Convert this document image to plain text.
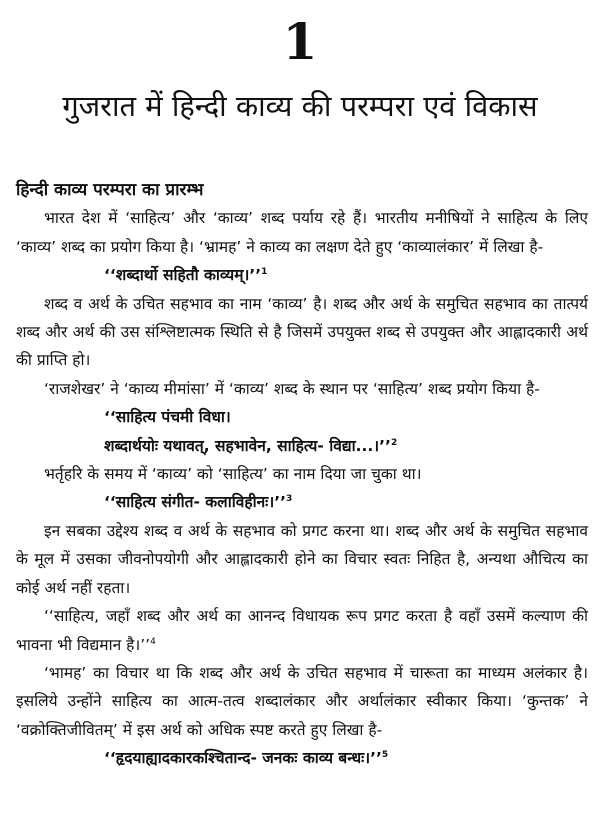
1
गुजरात में हिन्दी काव्य की परम्परा एवं विकास
हिन्दी काव्य परम्परा का प्रारम्भ

भारत देश में ‘साहित्य’ और ‘काव्य’ शब्द पर्याय रहे हैं। भारतीय मनीषियों ने साहित्य के लिए ‘काव्य’ शब्द का प्रयोग किया है। ‘भ्रामह’ ने काव्य का लक्षण देते हुए ‘काव्यालंकार’ में लिखा है-

‘‘शब्दार्थो सहितौ काव्यम्।’’$^1$

शब्द व अर्थ के उचित सहभाव का नाम ‘काव्य’ है। शब्द और अर्थ के समुचित सहभाव का तात्पर्य शब्द और अर्थ की उस संश्लिष्टात्मक स्थिति से है जिसमें उपयुक्त शब्द से उपयुक्त और आह्लादकारी अर्थ की प्राप्ति हो।

‘राजशेखर’ ने ‘काव्य मीमांसा’ में ‘काव्य’ शब्द के स्थान पर ‘साहित्य’ शब्द प्रयोग किया है-

‘‘साहित्य पंचमी विधा।

शब्दार्थयोः यथावत्, सहभावेन, साहित्य- विद्या...।’’$^2$

भर्तृहरि के समय में ‘काव्य’ को ‘साहित्य’ का नाम दिया जा चुका था।

‘‘साहित्य संगीत- कलाविहीनः।’’$^3$

इन सबका उद्देश्य शब्द व अर्थ के सहभाव को प्रगट करना था। शब्द और अर्थ के समुचित सहभाव के मूल में उसका जीवनोपयोगी और आह्लादकारी होने का विचार स्वतः निहित है, अन्यथा औचित्य का कोई अर्थ नहीं रहता।

‘‘साहित्य, जहाँ शब्द और अर्थ का आनन्द विधायक रूप प्रगट करता है वहाँ उसमें कल्याण की भावना भी विद्यमान है।’’$^4$

‘भामह’ का विचार था कि शब्द और अर्थ के उचित सहभाव में चारूता का माध्यम अलंकार है। इसलिये उन्होंने साहित्य का आत्म-तत्व शब्दालंकार और अर्थालंकार स्वीकार किया। ‘कुन्तक’ ने ‘वक्रोक्तिजीवितम्’ में इस अर्थ को अधिक स्पष्ट करते हुए लिखा है-

‘‘हृदयाह्यादकारकश्चितान्द- जनकः काव्य बन्धः।’’$^5$
